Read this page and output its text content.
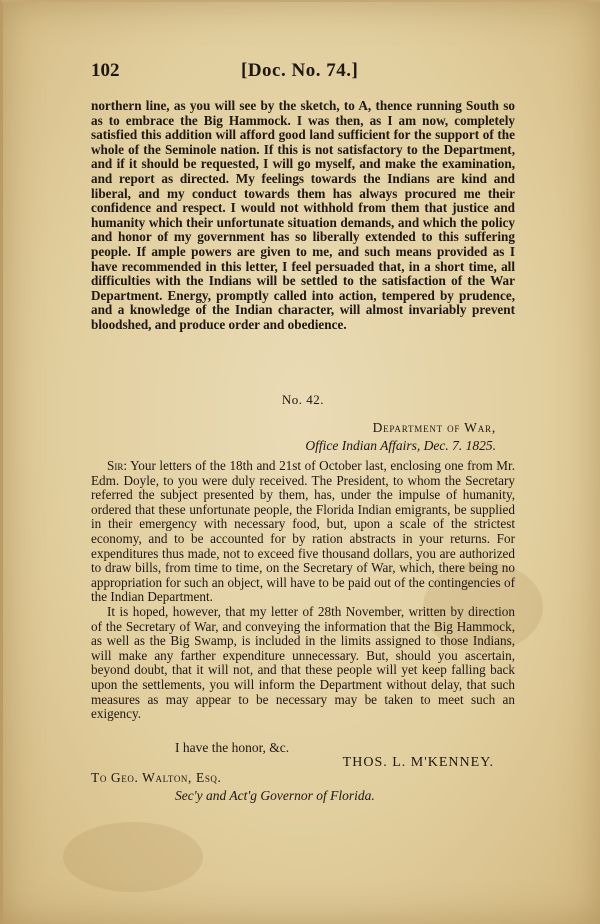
102	[Doc. No. 74.]

northern line, as you will see by the sketch, to A, thence running South so as to embrace the Big Hammock. I was then, as I am now, completely satisfied this addition will afford good land sufficient for the support of the whole of the Seminole nation. If this is not satisfactory to the Department, and if it should be requested, I will go myself, and make the examination, and report as directed. My feelings towards the Indians are kind and liberal, and my conduct towards them has always procured me their confidence and respect. I would not withhold from them that justice and humanity which their unfortunate situation demands, and which the policy and honor of my government has so liberally extended to this suffering people. If ample powers are given to me, and such means provided as I have recommended in this letter, I feel persuaded that, in a short time, all difficulties with the Indians will be settled to the satisfaction of the War Department. Energy, promptly called into action, tempered by prudence, and a knowledge of the Indian character, will almost invariably prevent bloodshed, and produce order and obedience.

No. 42.
Department of War,
Office Indian Affairs, Dec. 7. 1825.

Sir: Your letters of the 18th and 21st of October last, enclosing one from Mr. Edm. Doyle, to you were duly received. The President, to whom the Secretary referred the subject presented by them, has, under the impulse of humanity, ordered that these unfortunate people, the Florida Indian emigrants, be supplied in their emergency with necessary food, but, upon a scale of the strictest economy, and to be accounted for by ration abstracts in your returns. For expenditures thus made, not to exceed five thousand dollars, you are authorized to draw bills, from time to time, on the Secretary of War, which, there being no appropriation for such an object, will have to be paid out of the contingencies of the Indian Department.

It is hoped, however, that my letter of 28th November, written by direction of the Secretary of War, and conveying the information that the Big Hammock, as well as the Big Swamp, is included in the limits assigned to those Indians, will make any farther expenditure unnecessary. But, should you ascertain, beyond doubt, that it will not, and that these people will yet keep falling back upon the settlements, you will inform the Department without delay, that such measures as may appear to be necessary may be taken to meet such an exigency.

I have the honor, &c.
THOS. L. M'KENNEY.
To Geo. Walton, Esq.
Sec'y and Act'g Governor of Florida.
